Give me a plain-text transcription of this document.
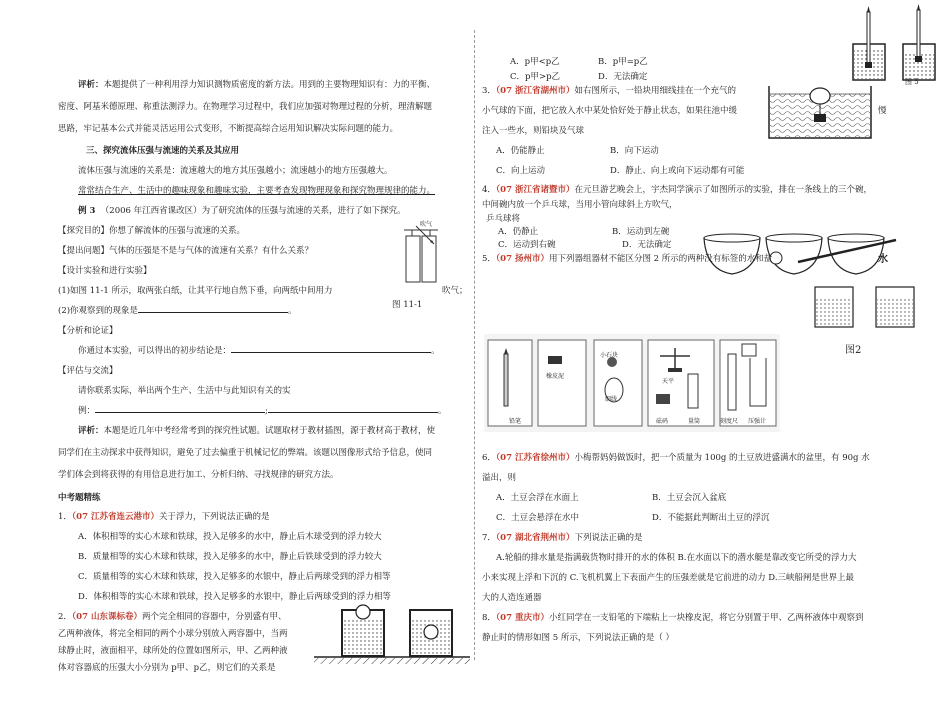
评析：本题提供了一种利用浮力知识测物质密度的新方法。用到的主要物理知识有：力的平衡、
密度、阿基米德原理、称重法测浮力。在物理学习过程中，我们应加强对物理过程的分析，理清解题
思路，牢记基本公式并能灵活运用公式变形，不断提高综合运用知识解决实际问题的能力。
三、探究流体压强与流速的关系及其应用
流体压强与流速的关系是：流速越大的地方其压强越小；流速越小的地方压强越大。
常常结合生产、生活中的趣味现象和趣味实验，主要考查发现物理现象和探究物理规律的能力。
例 3 （2006 年江西省课改区）为了研究流体的压强与流速的关系，进行了如下探究。
【探究目的】你想了解流体的压强与流速的关系。
【提出问题】气体的压强是不是与气体的流速有关系？有什么关系？
【设计实验和进行实验】
(1)如图 11-1 所示，取两张白纸，让其平行地自然下垂，向两纸中间用力	吹气；
(2)你观察到的现象是	。
图 11-1
吹气
【分析和论证】
你通过本实验，可以得出的初步结论是：	。
【评估与交流】
请你联系实际，举出两个生产、生活中与此知识有关的实
例：	;	。
评析：本题是近几年中考经常考到的探究性试题。试题取材于教材插图，源于教材高于教材，使
同学们在主动探求中获得知识，避免了过去偏重于机械记忆的弊端。该题以图像形式给予信息，使同
学们体会到将获得的有用信息进行加工、分析归纳、寻找规律的研究方法。
中考题精练
1．（07 江苏省连云港市）关于浮力，下列说法正确的是
A．体积相等的实心木球和铁球，投入足够多的水中，静止后木球受到的浮力较大
B．质量相等的实心木球和铁球，投入足够多的水中，静止后铁球受到的浮力较大
C．质量相等的实心木球和铁球，投入足够多的水银中，静止后两球受到的浮力相等
D．体积相等的实心木球和铁球，投入足够多的水银中，静止后两球受到的浮力相等
2．（07 山东课标卷）两个完全相同的容器中，分别盛有甲、
乙两种液体，将完全相同的两个小球分别放入两容器中，当两
球静止时，液面相平，球所处的位置如图所示，甲、乙两种液
体对容器底的压强大小分别为 p甲、p乙，则它们的关系是
A．p甲<p乙	B．p甲=p乙
C．p甲>p乙	D．无法确定	图 5
3．（07 浙江省湖州市）如右图所示，一铅块用细线挂在一个充气的
小气球的下面，把它放入水中某处恰好处于静止状态，如果往池中缓	慢
注入一些水，则铅块及气球
A．仍能静止	B．向下运动
C．向上运动	D．静止、向上或向下运动都有可能
4．（07 浙江省诸暨市）在元旦游艺晚会上，宇杰同学演示了如图所示的实验，排在一条线上的三个碗，
中间碗内放一个乒乓球，当用小管向球斜上方吹气，
乒乓球将
A．仍静止	B．运动到左碗
C．运动到右碗	D．无法确定
5．（07 扬州市）用下列器组器材不能区分图 2 所示的两种没有标签的水和盐	水
图2
铅笔
橡皮泥
小石块
细线
天平
砝码	量筒	刻度尺 压强计
6．（07 江苏省徐州市）小梅帮妈妈做饭时，把一个质量为 100g 的土豆放进盛满水的盆里，有 90g 水
溢出，则
A．土豆会浮在水面上	B．土豆会沉入盆底
C．土豆会悬浮在水中	D．不能据此判断出土豆的浮沉
7．（07 湖北省荆州市）下列说法正确的是
A.轮船的排水量是指满载货物时排开的水的体积 B.在水面以下的潜水艇是靠改变它所受的浮力大
小来实现上浮和下沉的 C.飞机机翼上下表面产生的压强差就是它前进的动力 D.三峡船闸是世界上最
大的人造连通器
8．（07 重庆市）小红同学在一支铅笔的下端粘上一块橡皮泥，将它分别置于甲、乙两杯液体中观察到
静止时的情形如图 5 所示，下列说法正确的是（ ）
